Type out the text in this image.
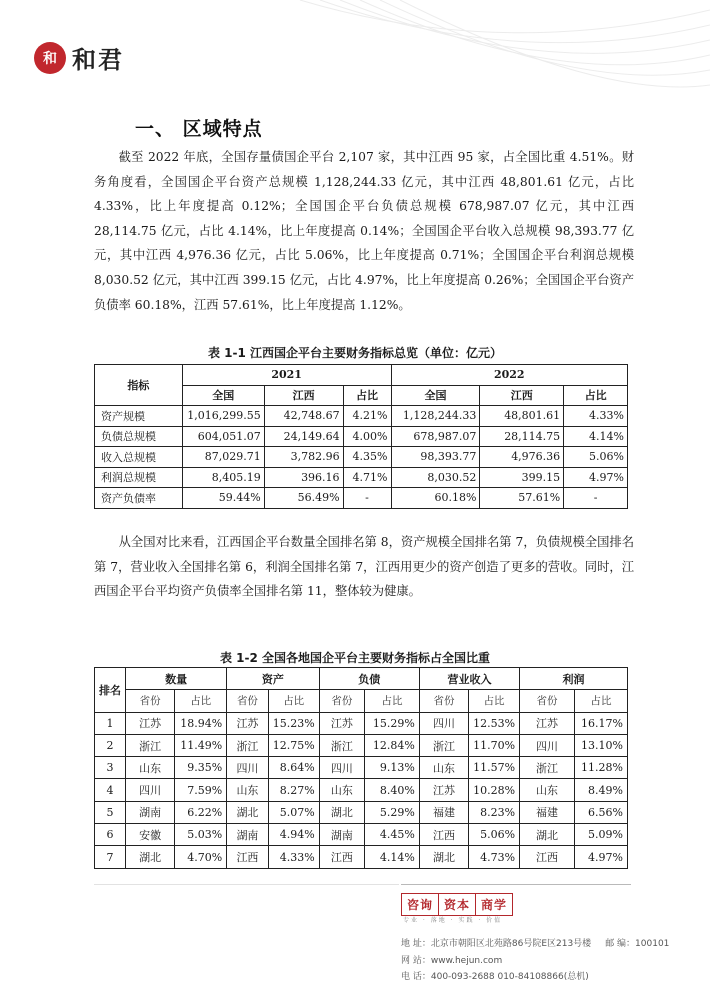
和 和君
一、 区域特点

截至 2022 年底，全国存量债国企平台 2,107 家，其中江西 95 家，占全国比重 4.51%。财务角度看，全国国企平台资产总规模 1,128,244.33 亿元，其中江西 48,801.61 亿元，占比 4.33%，比上年度提高 0.12%；全国国企平台负债总规模 678,987.07 亿元，其中江西 28,114.75 亿元，占比 4.14%，比上年度提高 0.14%；全国国企平台收入总规模 98,393.77 亿元，其中江西 4,976.36 亿元，占比 5.06%，比上年度提高 0.71%；全国国企平台利润总规模 8,030.52 亿元，其中江西 399.15 亿元，占比 4.97%，比上年度提高 0.26%；全国国企平台资产负债率 60.18%，江西 57.61%，比上年度提高 1.12%。

表 1-1 江西国企平台主要财务指标总览（单位：亿元）
指标	2021			2022		
	全国	江西	占比	全国	江西	占比
资产规模	1,016,299.55	42,748.67	4.21%	1,128,244.33	48,801.61	4.33%
负债总规模	604,051.07	24,149.64	4.00%	678,987.07	28,114.75	4.14%
收入总规模	87,029.71	3,782.96	4.35%	98,393.77	4,976.36	5.06%
利润总规模	8,405.19	396.16	4.71%	8,030.52	399.15	4.97%
资产负债率	59.44%	56.49%	-	60.18%	57.61%	-

从全国对比来看，江西国企平台数量全国排名第 8，资产规模全国排名第 7，负债规模全国排名第 7，营业收入全国排名第 6，利润全国排名第 7，江西用更少的资产创造了更多的营收。同时，江西国企平台平均资产负债率全国排名第 11，整体较为健康。

表 1-2 全国各地国企平台主要财务指标占全国比重
排名	数量		资产		负债		营业收入		利润	
	省份	占比	省份	占比	省份	占比	省份	占比	省份	占比
1	江苏	18.94%	江苏	15.23%	江苏	15.29%	四川	12.53%	江苏	16.17%
2	浙江	11.49%	浙江	12.75%	浙江	12.84%	浙江	11.70%	四川	13.10%
3	山东	9.35%	四川	8.64%	四川	9.13%	山东	11.57%	浙江	11.28%
4	四川	7.59%	山东	8.27%	山东	8.40%	江苏	10.28%	山东	8.49%
5	湖南	6.22%	湖北	5.07%	湖北	5.29%	福建	8.23%	福建	6.56%
6	安徽	5.03%	湖南	4.94%	湖南	4.45%	江西	5.06%	湖北	5.09%
7	湖北	4.70%	江西	4.33%	江西	4.14%	湖北	4.73%	江西	4.97%
咨询 资本 商学
专业 · 落地 · 实践 · 价值
地 址：北京市朝阳区北苑路86号院E区213号楼 邮 编：100101
网 站：www.hejun.com
电 话：400-093-2688 010-84108866(总机)
